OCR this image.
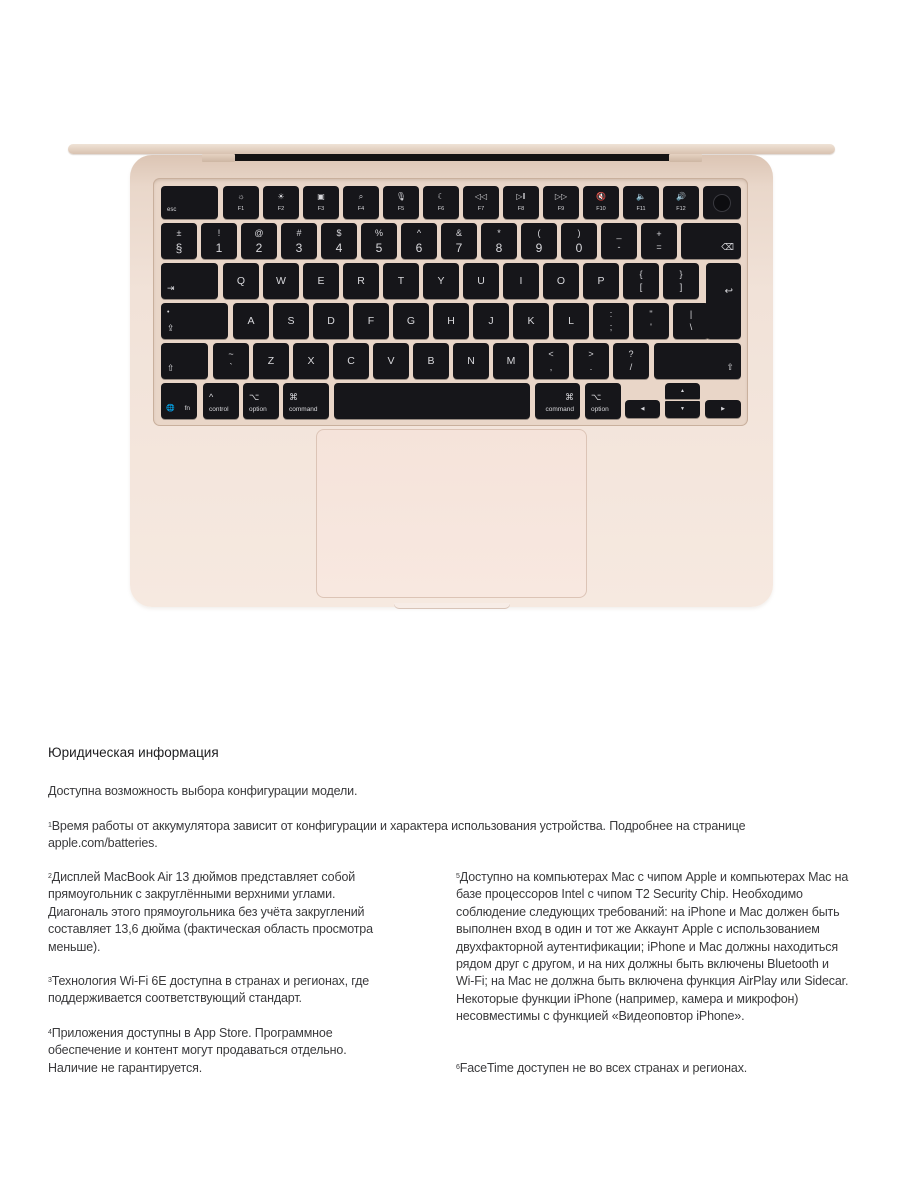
esc
☼
F1
☀
F2
▣
F3
⌕
F4
🎙
F5
☾
F6
◁◁
F7
▷ǁ
F8
▷▷
F9
🔇
F10
🔈
F11
🔊
F12
±
§
!
1
@
2
#
3
$
4
%
5
^
6
&
7
*
8
(
9
)
0
_
-
+
=	⌫
⇥
Q	W	E	R	T	Y	U	I	O	P
{
[
}
]	↩
•
⇪
A	S	D	F	G	H	J	K	L
:
;
"
'
|
\
⇧
~
`
Z	X	C	V	B	N	M
<
,
>
.
?
/	⇧
🌐 fn
^
control
⌥
option
⌘
command
⌘
command
⌥
option	◀
▲
▼	▶
Юридическая информация

Доступна возможность выбора конфигурации модели.

$^1$Время работы от аккумулятора зависит от конфигурации и характера использования устройства. Подробнее на странице apple.com/batteries.

$^2$Дисплей MacBook Air 13 дюймов представляет собой прямоугольник с закруглёнными верхними углами. Диагональ этого прямоугольника без учёта закруглений составляет 13,6 дюйма (фактическая область просмотра меньше).

$^3$Технология Wi‑Fi 6E доступна в странах и регионах, где поддерживается соответствующий стандарт.

$^4$Приложения доступны в App Store. Программное обеспечение и контент могут продаваться отдельно. Наличие не гарантируется.

$^5$Доступно на компьютерах Mac с чипом Apple и компьютерах Mac на базе процессоров Intel с чипом T2 Security Chip. Необходимо соблюдение следующих требований: на iPhone и Mac должен быть выполнен вход в один и тот же Аккаунт Apple с использованием двухфакторной аутентификации; iPhone и Mac должны находиться рядом друг с другом, и на них должны быть включены Bluetooth и Wi‑Fi; на Mac не должна быть включена функция AirPlay или Sidecar. Некоторые функции iPhone (например, камера и микрофон) несовместимы с функцией «Видеоповтор iPhone».

$^6$FaceTime доступен не во всех странах и регионах.
